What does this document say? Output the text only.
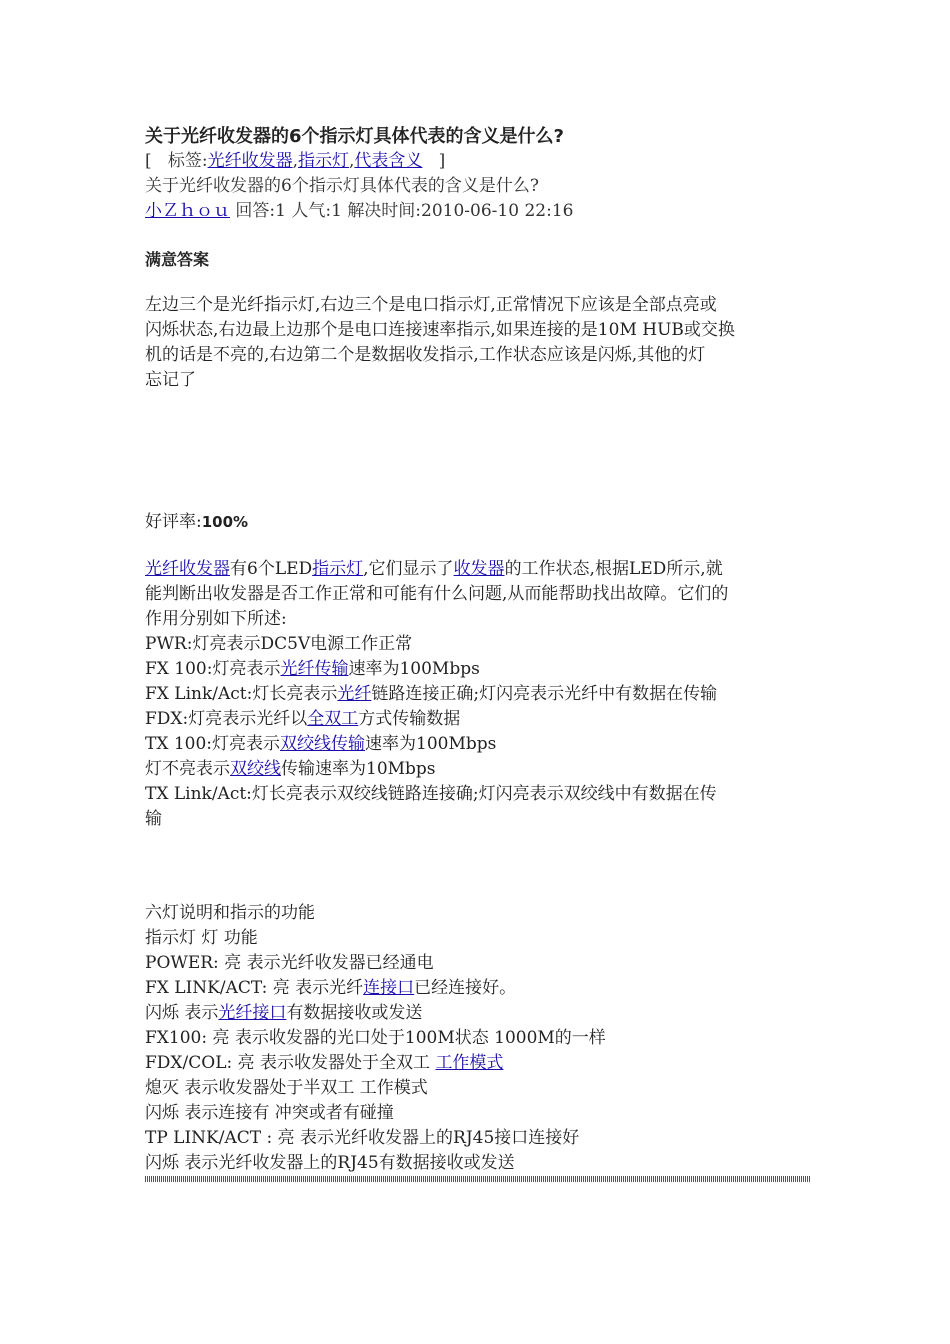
关于光纤收发器的6个指示灯具体代表的含义是什么?
[ 标签:光纤收发器,指示灯,代表含义 ]
关于光纤收发器的6个指示灯具体代表的含义是什么?
小Ｚｈｏｕ 回答:1 人气:1 解决时间:2010-06-10 22:16
满意答案
左边三个是光纤指示灯,右边三个是电口指示灯,正常情况下应该是全部点亮或
闪烁状态,右边最上边那个是电口连接速率指示,如果连接的是10M HUB或交换
机的话是不亮的,右边第二个是数据收发指示,工作状态应该是闪烁,其他的灯
忘记了
好评率:100%
光纤收发器有6个LED指示灯,它们显示了收发器的工作状态,根据LED所示,就
能判断出收发器是否工作正常和可能有什么问题,从而能帮助找出故障。它们的
作用分别如下所述:
PWR:灯亮表示DC5V电源工作正常
FX 100:灯亮表示光纤传输速率为100Mbps
FX Link/Act:灯长亮表示光纤链路连接正确;灯闪亮表示光纤中有数据在传输
FDX:灯亮表示光纤以全双工方式传输数据
TX 100:灯亮表示双绞线传输速率为100Mbps
灯不亮表示双绞线传输速率为10Mbps
TX Link/Act:灯长亮表示双绞线链路连接确;灯闪亮表示双绞线中有数据在传
输
六灯说明和指示的功能
指示灯 灯 功能
POWER: 亮 表示光纤收发器已经通电
FX LINK/ACT: 亮 表示光纤连接口已经连接好。
闪烁 表示光纤接口有数据接收或发送
FX100: 亮 表示收发器的光口处于100M状态 1000M的一样
FDX/COL: 亮 表示收发器处于全双工 工作模式
熄灭 表示收发器处于半双工 工作模式
闪烁 表示连接有 冲突或者有碰撞
TP LINK/ACT : 亮 表示光纤收发器上的RJ45接口连接好
闪烁 表示光纤收发器上的RJ45有数据接收或发送
